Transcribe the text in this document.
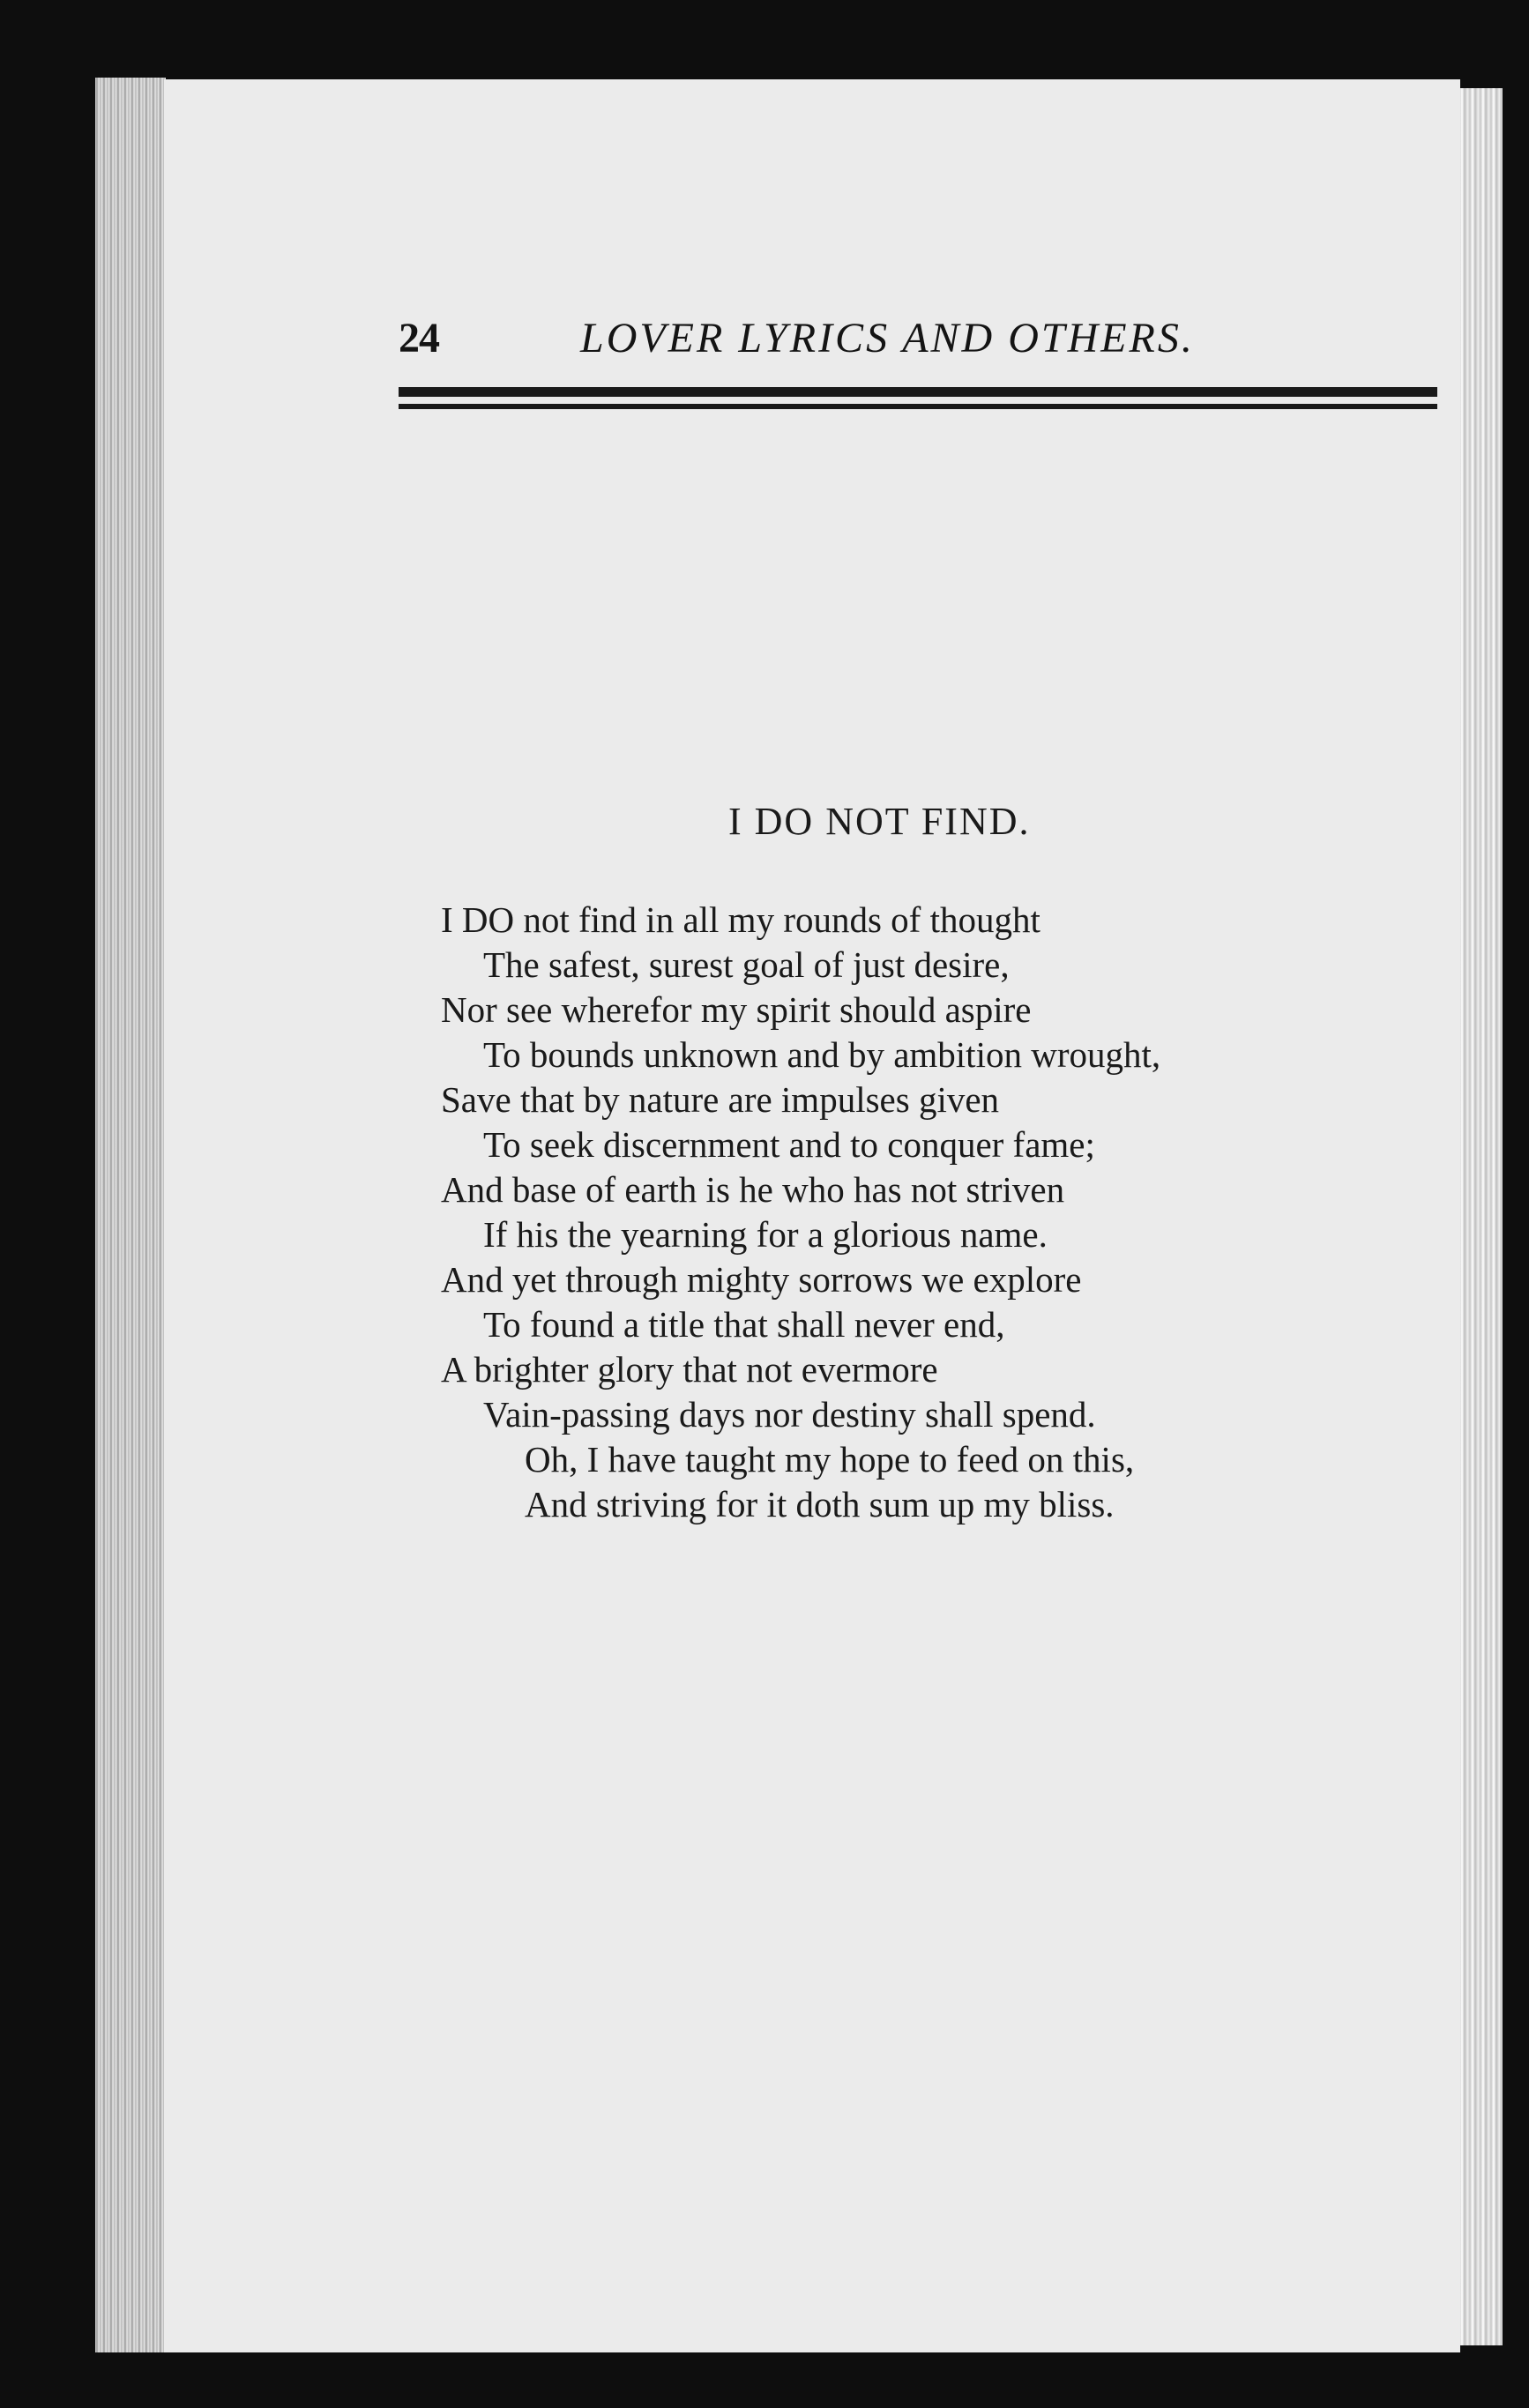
24	LOVER LYRICS AND OTHERS.
I DO NOT FIND.
I DO not find in all my rounds of thought
The safest, surest goal of just desire,
Nor see wherefor my spirit should aspire
To bounds unknown and by ambition wrought,
Save that by nature are impulses given
To seek discernment and to conquer fame;
And base of earth is he who has not striven
If his the yearning for a glorious name.
And yet through mighty sorrows we explore
To found a title that shall never end,
A brighter glory that not evermore
Vain-passing days nor destiny shall spend.
Oh, I have taught my hope to feed on this,
And striving for it doth sum up my bliss.
